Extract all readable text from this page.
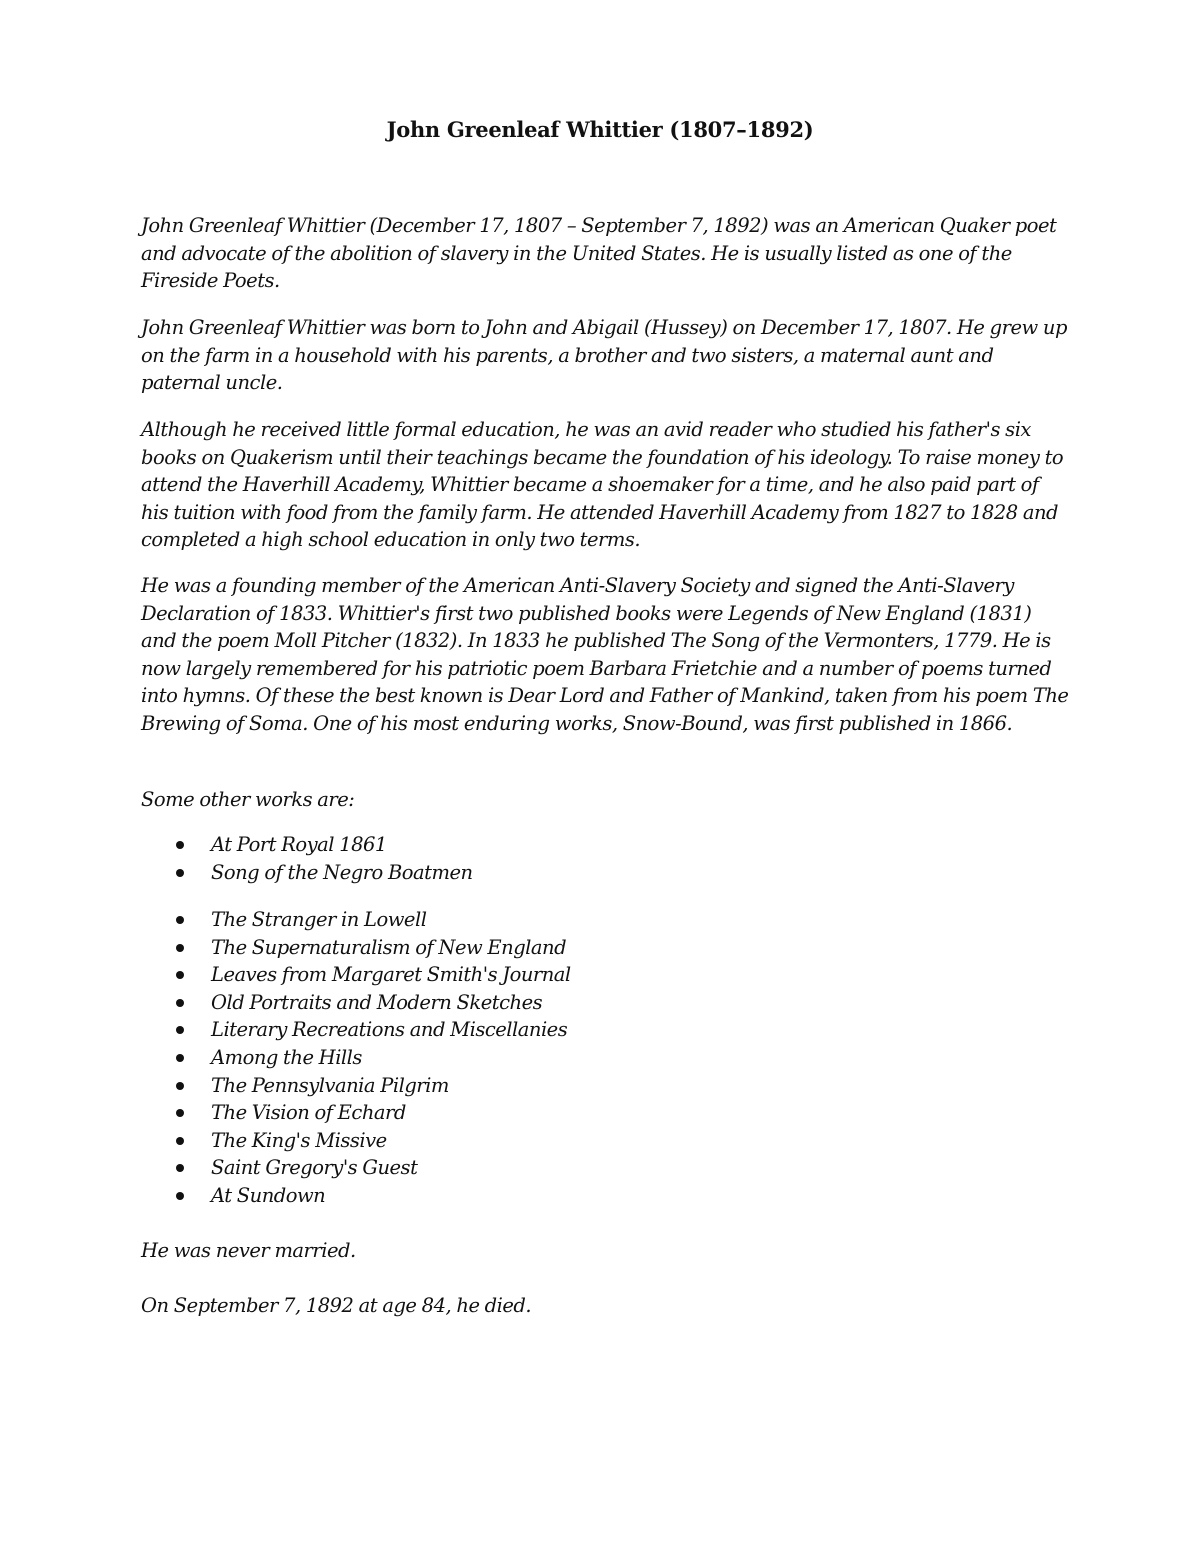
John Greenleaf Whittier (1807–1892)

John Greenleaf Whittier (December 17, 1807 – September 7, 1892) was an American Quaker poet and advocate of the abolition of slavery in the United States. He is usually listed as one of the Fireside Poets.

John Greenleaf Whittier was born to John and Abigail (Hussey) on December 17, 1807. He grew up on the farm in a household with his parents, a brother and two sisters, a maternal aunt and paternal uncle.

Although he received little formal education, he was an avid reader who studied his father's six books on Quakerism until their teachings became the foundation of his ideology. To raise money to attend the Haverhill Academy, Whittier became a shoemaker for a time, and he also paid part of his tuition with food from the family farm. He attended Haverhill Academy from 1827 to 1828 and completed a high school education in only two terms.

He was a founding member of the American Anti-Slavery Society and signed the Anti-Slavery Declaration of 1833. Whittier's first two published books were Legends of New England (1831) and the poem Moll Pitcher (1832). In 1833 he published The Song of the Vermonters, 1779. He is now largely remembered for his patriotic poem Barbara Frietchie and a number of poems turned into hymns. Of these the best known is Dear Lord and Father of Mankind, taken from his poem The Brewing of Soma. One of his most enduring works, Snow-Bound, was first published in 1866.

Some other works are:

At Port Royal 1861
Song of the Negro Boatmen
The Stranger in Lowell
The Supernaturalism of New England
Leaves from Margaret Smith's Journal
Old Portraits and Modern Sketches
Literary Recreations and Miscellanies
Among the Hills
The Pennsylvania Pilgrim
The Vision of Echard
The King's Missive
Saint Gregory's Guest
At Sundown

He was never married.

On September 7, 1892 at age 84, he died.
